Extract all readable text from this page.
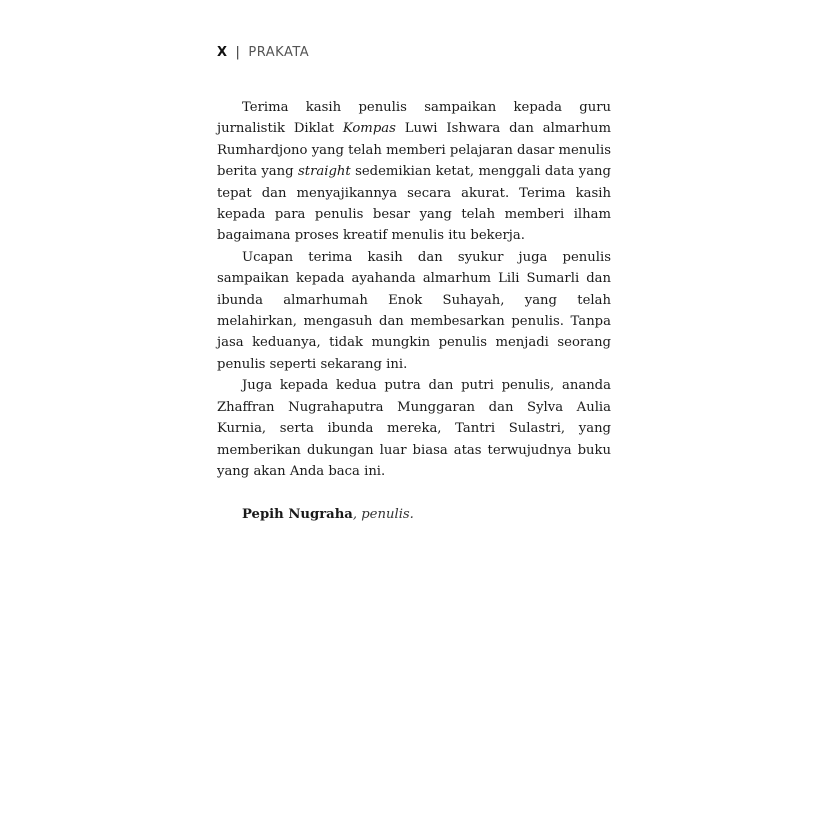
X | PRAKATA

Terima kasih penulis sampaikan kepada guru jurnalistik Diklat Kompas Luwi Ishwara dan almarhum Rumhardjono yang telah memberi pelajaran dasar menulis berita yang straight sedemikian ketat, menggali data yang tepat dan menyajikannya secara akurat. Terima kasih kepada para penulis besar yang telah memberi ilham bagaimana proses kreatif menulis itu bekerja.

Ucapan terima kasih dan syukur juga penulis sampaikan kepada ayahanda almarhum Lili Sumarli dan ibunda almarhumah Enok Suhayah, yang telah melahirkan, mengasuh dan membesarkan penulis. Tanpa jasa keduanya, tidak mungkin penulis menjadi seorang penulis seperti sekarang ini.

Juga kepada kedua putra dan putri penulis, ananda Zhaffran Nugrahaputra Munggaran dan Sylva Aulia Kurnia, serta ibunda mereka, Tantri Sulastri, yang memberikan dukungan luar biasa atas terwujudnya buku yang akan Anda baca ini.

Pepih Nugraha, penulis.
